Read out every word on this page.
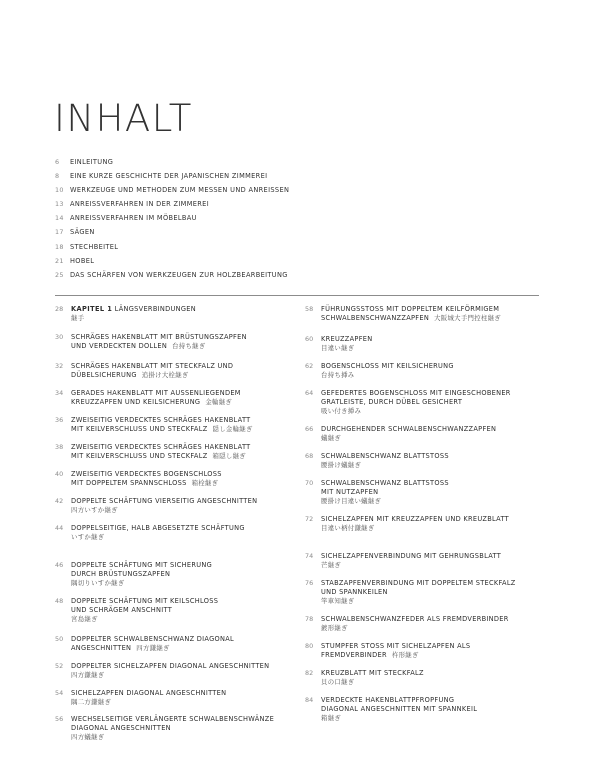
INHALT
6	EINLEITUNG
8	EINE KURZE GESCHICHTE DER JAPANISCHEN ZIMMEREI
10 WERKZEUGE UND METHODEN ZUM MESSEN UND ANREISSEN
13 ANREISSVERFAHREN IN DER ZIMMEREI
14 ANREISSVERFAHREN IM MÖBELBAU
17 SÄGEN
18 STECHBEITEL
21 HOBEL
25 DAS SCHÄRFEN VON WERKZEUGEN ZUR HOLZBEARBEITUNG
28	KAPITEL 1 LÄNGSVERBINDUNGEN
継手
30	SCHRÄGES HAKENBLATT MIT BRÜSTUNGSZAPFEN
UND VERDECKTEN DOLLEN 台持ち継ぎ
32	SCHRÄGES HAKENBLATT MIT STECKFALZ UND
DÜBELSICHERUNG 追掛け大栓継ぎ
34	GERADES HAKENBLATT MIT AUSSENLIEGENDEM
KREUZZAPFEN UND KEILSICHERUNG 金輪継ぎ
36	ZWEISEITIG VERDECKTES SCHRÄGES HAKENBLATT
MIT KEILVERSCHLUSS UND STECKFALZ 隠し金輪継ぎ
38	ZWEISEITIG VERDECKTES SCHRÄGES HAKENBLATT
MIT KEILVERSCHLUSS UND STECKFALZ 箱隠し継ぎ
40	ZWEISEITIG VERDECKTES BOGENSCHLOSS
MIT DOPPELTEM SPANNSCHLOSS 箱栓継ぎ
42	DOPPELTE SCHÄFTUNG VIERSEITIG ANGESCHNITTEN
四方いすか継ぎ
44	DOPPELSEITIGE, HALB ABGESETZTE SCHÄFTUNG
いすか継ぎ
46	DOPPELTE SCHÄFTUNG MIT SICHERUNG
DURCH BRÜSTUNGSZAPFEN
隅切りいすか継ぎ
48	DOPPELTE SCHÄFTUNG MIT KEILSCHLOSS
UND SCHRÄGEM ANSCHNITT
宮島継ぎ
50	DOPPELTER SCHWALBENSCHWANZ DIAGONAL
ANGESCHNITTEN 四方鎌継ぎ
52	DOPPELTER SICHELZAPFEN DIAGONAL ANGESCHNITTEN
四方鎌継ぎ
54	SICHELZAPFEN DIAGONAL ANGESCHNITTEN
隅二方鎌継ぎ
56	WECHSELSEITIGE VERLÄNGERTE SCHWALBENSCHWÄNZE
DIAGONAL ANGESCHNITTEN
四方蟻継ぎ
58	FÜHRUNGSSTOSS MIT DOPPELTEM KEILFÖRMIGEM
SCHWALBENSCHWANZZAPFEN 大阪城大手門控柱継ぎ
60	KREUZZAPFEN
目違い継ぎ
62	BOGENSCHLOSS MIT KEILSICHERUNG
台持ち挿み
64	GEFEDERTES BOGENSCHLOSS MIT EINGESCHOBENER
GRATLEISTE, DURCH DÜBEL GESICHERT
吸い付き挿み
66	DURCHGEHENDER SCHWALBENSCHWANZZAPFEN
蟻継ぎ
68	SCHWALBENSCHWANZ BLATTSTOSS
腰掛け蟻継ぎ
70	SCHWALBENSCHWANZ BLATTSTOSS
MIT NUTZAPFEN
腰掛け目違い蟻継ぎ
72	SICHELZAPFEN MIT KREUZZAPFEN UND KREUZBLATT
目違い柄付鎌継ぎ
74	SICHELZAPFENVERBINDUNG MIT GEHRUNGSBLATT
芒継ぎ
76	STABZAPFENVERBINDUNG MIT DOPPELTEM STECKFALZ
UND SPANNKEILEN
竿車知継ぎ
78	SCHWALBENSCHWANZFEDER ALS FREMDVERBINDER
鍍形継ぎ
80	STUMPFER STOSS MIT SICHELZAPFEN ALS
FREMDVERBINDER 杵形継ぎ
82	KREUZBLATT MIT STECKFALZ
貝の口継ぎ
84	VERDECKTE HAKENBLATTPFROPFUNG
DIAGONAL ANGESCHNITTEN MIT SPANNKEIL
箱継ぎ
